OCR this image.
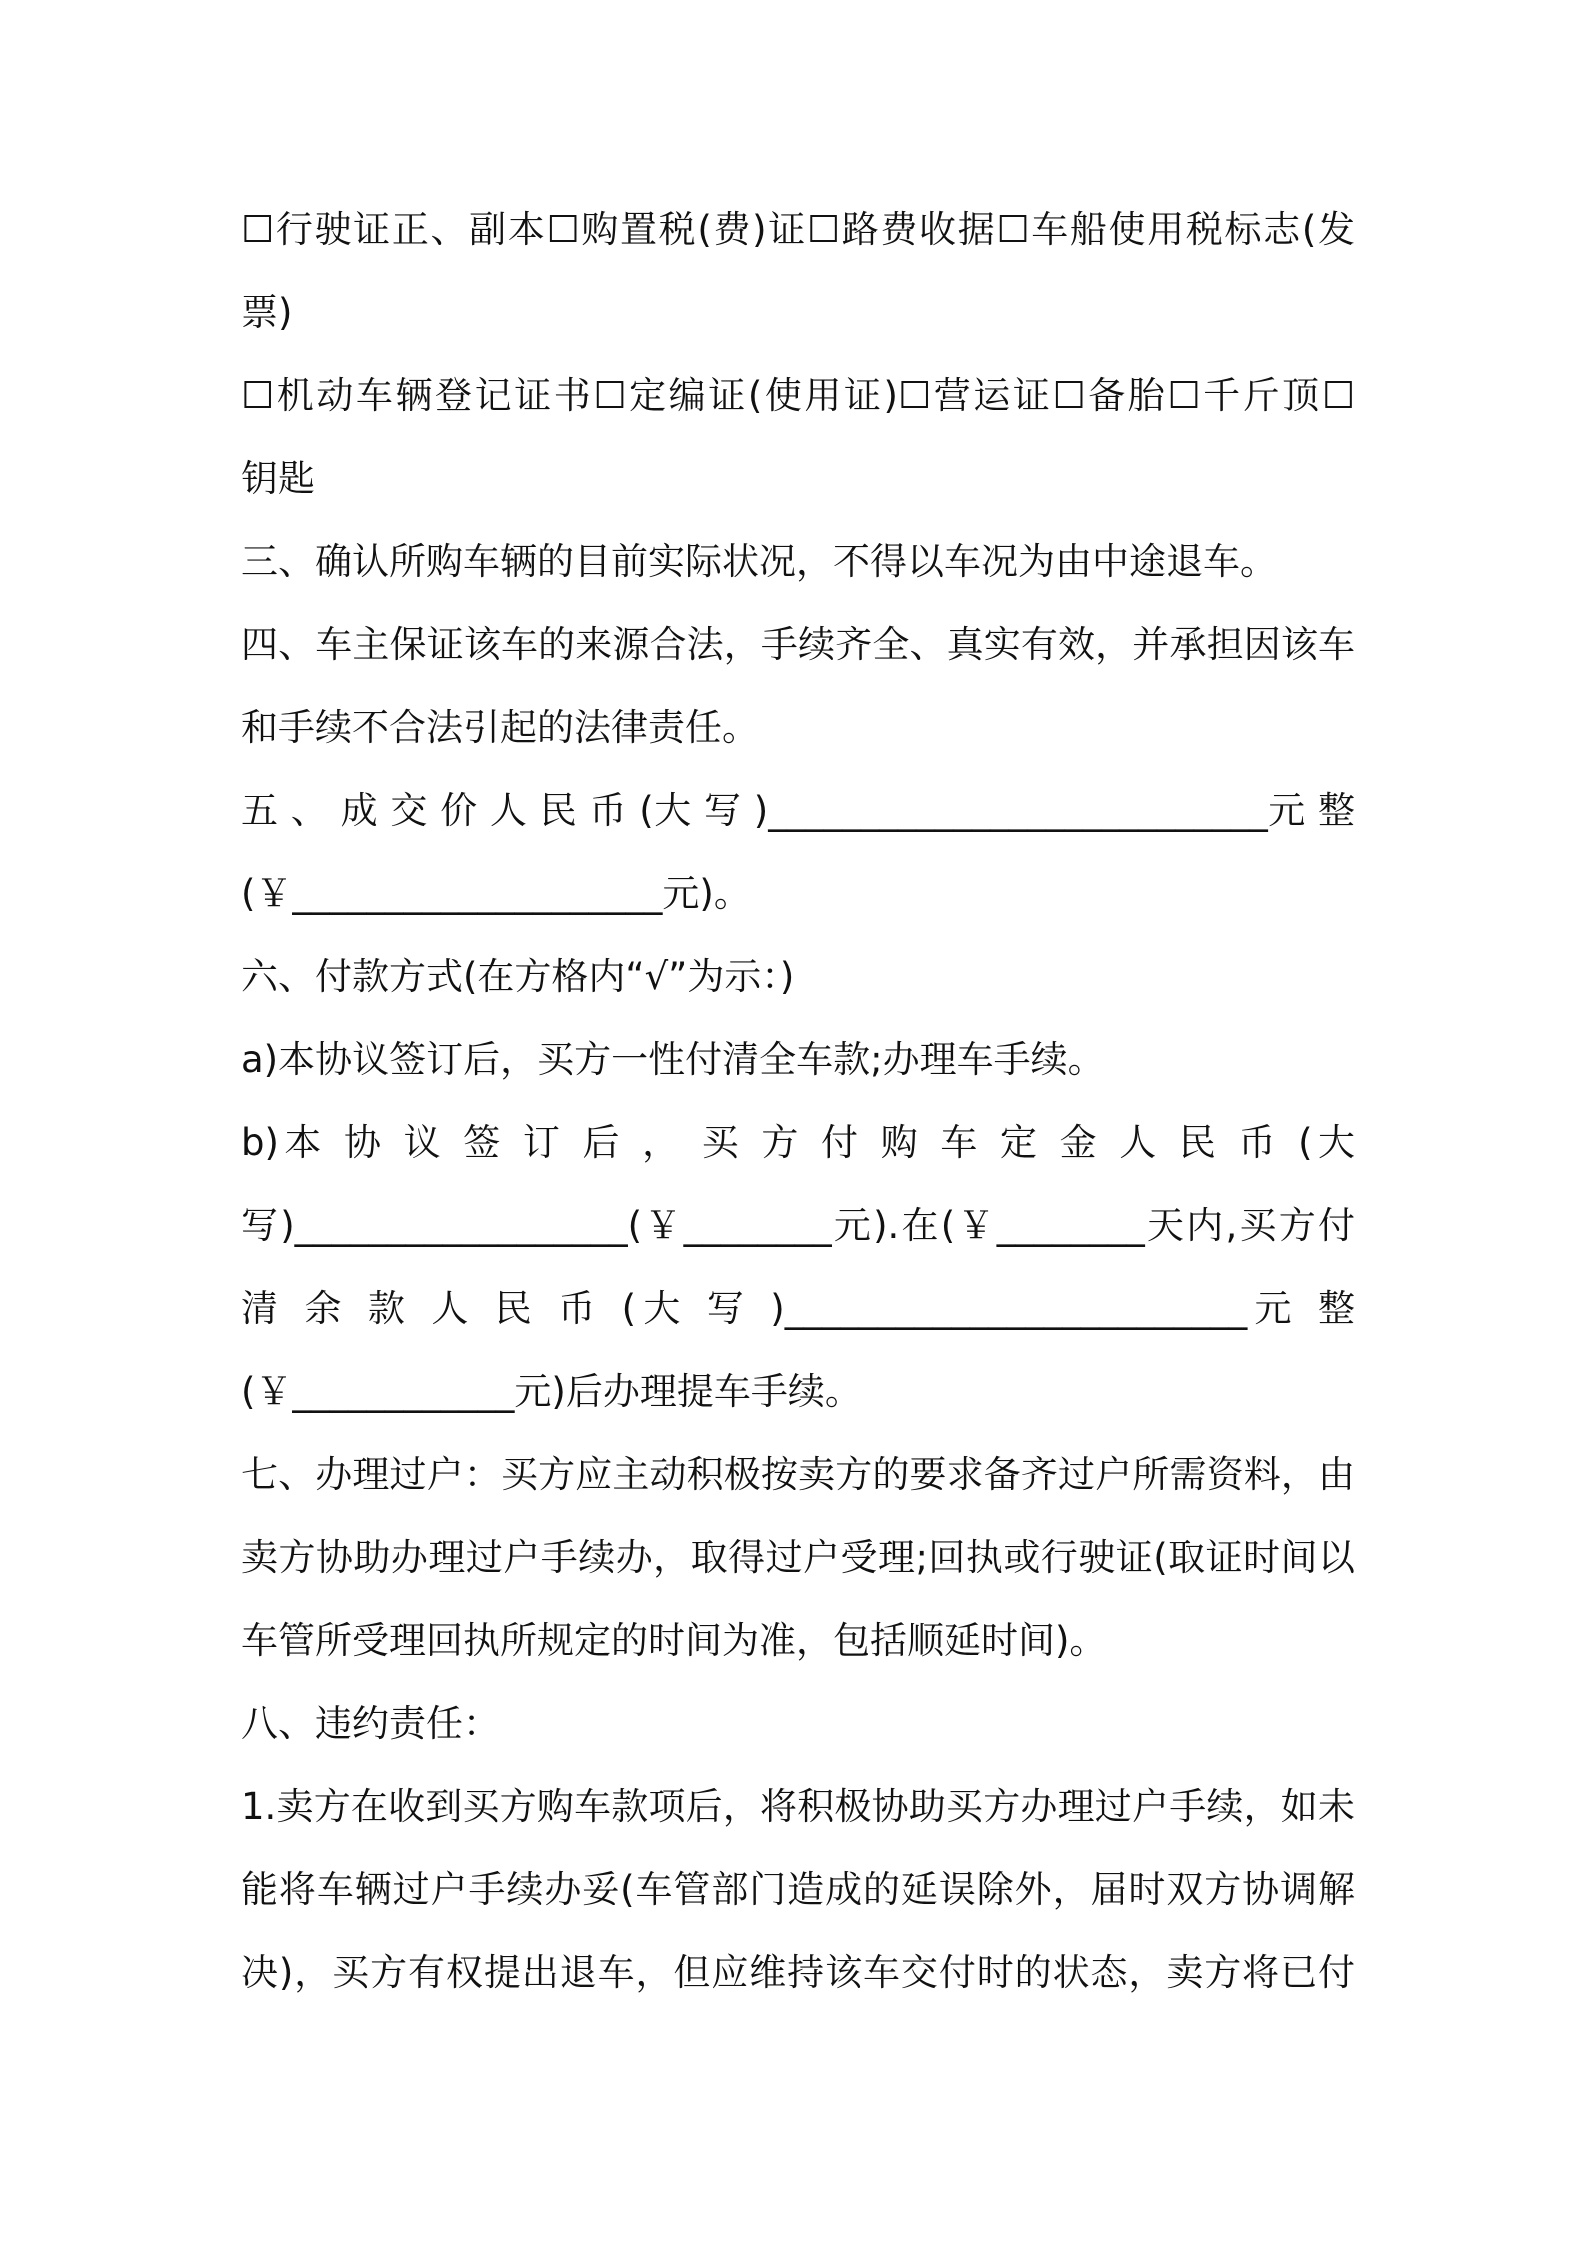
☐行驶证正、副本☐购置税(费)证☐路费收据☐车船使用税标志(发
票)
☐机动车辆登记证书☐定编证(使用证)☐营运证☐备胎☐千斤顶☐
钥匙
三、确认所购车辆的目前实际状况，不得以车况为由中途退车。
四、车主保证该车的来源合法，手续齐全、真实有效，并承担因该车
和手续不合法引起的法律责任。
五 、 成 交 价 人 民 币 (大 写 )___________________________元 整
(￥____________________元)。
六、付款方式(在方格内“√”为示：)
a)本协议签订后，买方一性付清全车款;办理车手续。
b)本 协 议 签 订 后 ， 买 方 付 购 车 定 金 人 民 币 (大
写)__________________(￥________元).在(￥________天内,买方付
清 余 款 人 民 币 (大 写 )_________________________元 整
(￥____________元)后办理提车手续。
七、办理过户：买方应主动积极按卖方的要求备齐过户所需资料，由
卖方协助办理过户手续办，取得过户受理;回执或行驶证(取证时间以
车管所受理回执所规定的时间为准，包括顺延时间)。
八、违约责任：
1.卖方在收到买方购车款项后，将积极协助买方办理过户手续，如未
能将车辆过户手续办妥(车管部门造成的延误除外，届时双方协调解
决)，买方有权提出退车，但应维持该车交付时的状态，卖方将已付
